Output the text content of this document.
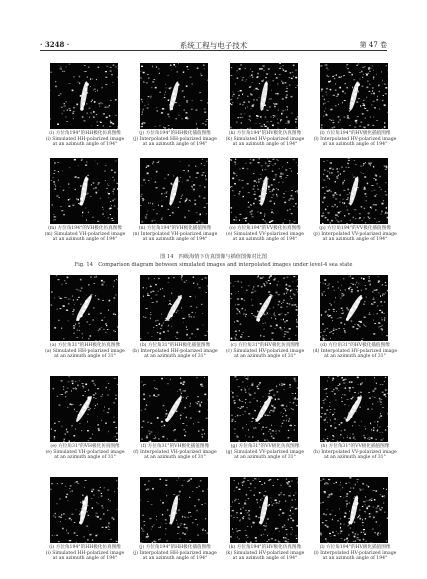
· 3248 ·	系统工程与电子技术	第 47 卷
(i) 方位角194°的HH极化仿真图像
(i) Simulated HH-polarized image
at an azimuth angle of 194°
(j) 方位角194°的HH极化插值图像
(j) Interpolated HH-polarized image
at an azimuth angle of 194°
(k) 方位角194°的HV极化仿真图像
(k) Simulated HV-polarized image
at an azimuth angle of 194°
(l) 方位角194°的HV极化插值图像
(l) Interpolated HV-polarized image
at an azimuth angle of 194°
(m) 方位角194°的VH极化仿真图像
(m) Simulated VH-polarized image
at an azimuth angle of 194°
(n) 方位角194°的VH极化插值图像
(n) Interpolated VH-polarized image
at an azimuth angle of 194°
(o) 方位角194°的VV极化仿真图像
(o) Simulated VV-polarized image
at an azimuth angle of 194°
(p) 方位角194°的VV极化插值图像
(p) Interpolated VV-polarized image
at an azimuth angle of 194°
图 14　四级海情下仿真图像与插值图像对比图
Fig. 14　Comparison diagram between simulated images and interpolated images under level-4 sea state
(a) 方位角31°的HH极化仿真图像
(a) Simulated HH-polarized image
at an azimuth angle of 31°
(b) 方位角31°的HH极化插值图像
(b) Interpolated HH-polarized image
at an azimuth angle of 31°
(c) 方位角31°的HV极化仿真图像
(c) Simulated HV-polarized image
at an azimuth angle of 31°
(d) 方位角31°的HV极化插值图像
(d) Interpolated HV-polarized image
at an azimuth angle of 31°
(e) 方位角31°的VH极化仿真图像
(e) Simulated VH-polarized image
at an azimuth angle of 31°
(f) 方位角31°的VH极化插值图像
(f) Interpolated VH-polarized image
at an azimuth angle of 31°
(g) 方位角31°的VV极化仿真图像
(g) Simulated VV-polarized image
at an azimuth angle of 31°
(h) 方位角31°的VV极化插值图像
(h) Interpolated VV-polarized image
at an azimuth angle of 31°
(i) 方位角194°的HH极化仿真图像
(i) Simulated HH-polarized image
at an azimuth angle of 194°
(j) 方位角194°的HH极化插值图像
(j) Interpolated HH-polarized image
at an azimuth angle of 194°
(k) 方位角194°的HV极化仿真图像
(k) Simulated HV-polarized image
at an azimuth angle of 194°
(l) 方位角194°的HV极化插值图像
(l) Interpolated HV-polarized image
at an azimuth angle of 194°
